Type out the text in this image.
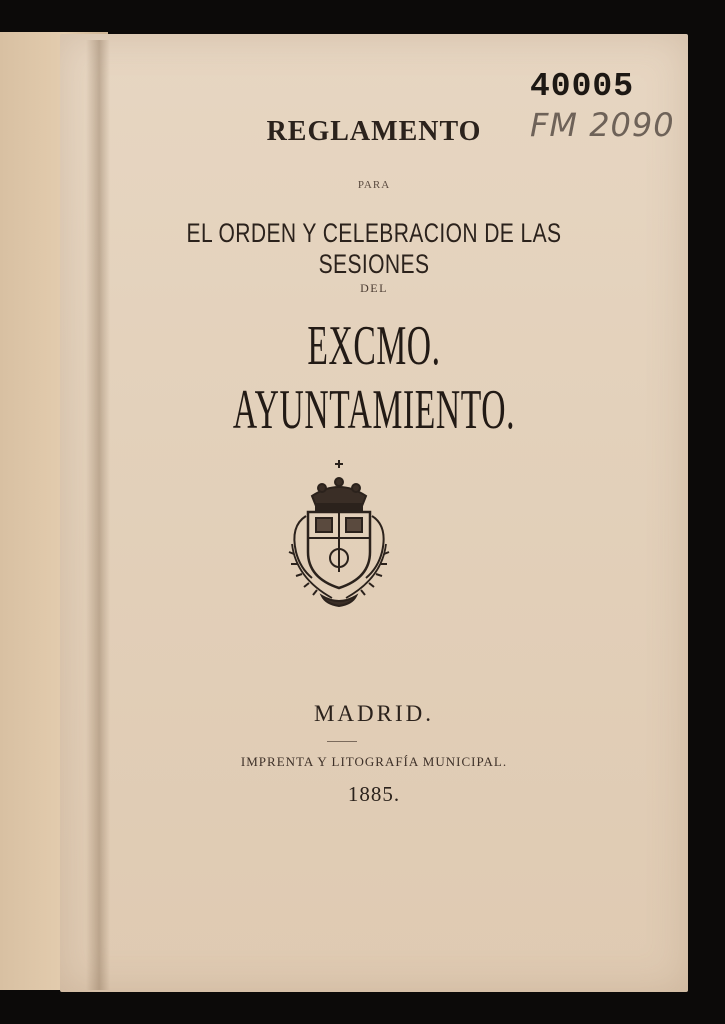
REGLAMENTO
PARA
EL ORDEN Y CELEBRACION DE LAS SESIONES
DEL
EXCMO. AYUNTAMIENTO.
MADRID.
IMPRENTA Y LITOGRAFÍA MUNICIPAL.
1885.
40005
FM 2090
